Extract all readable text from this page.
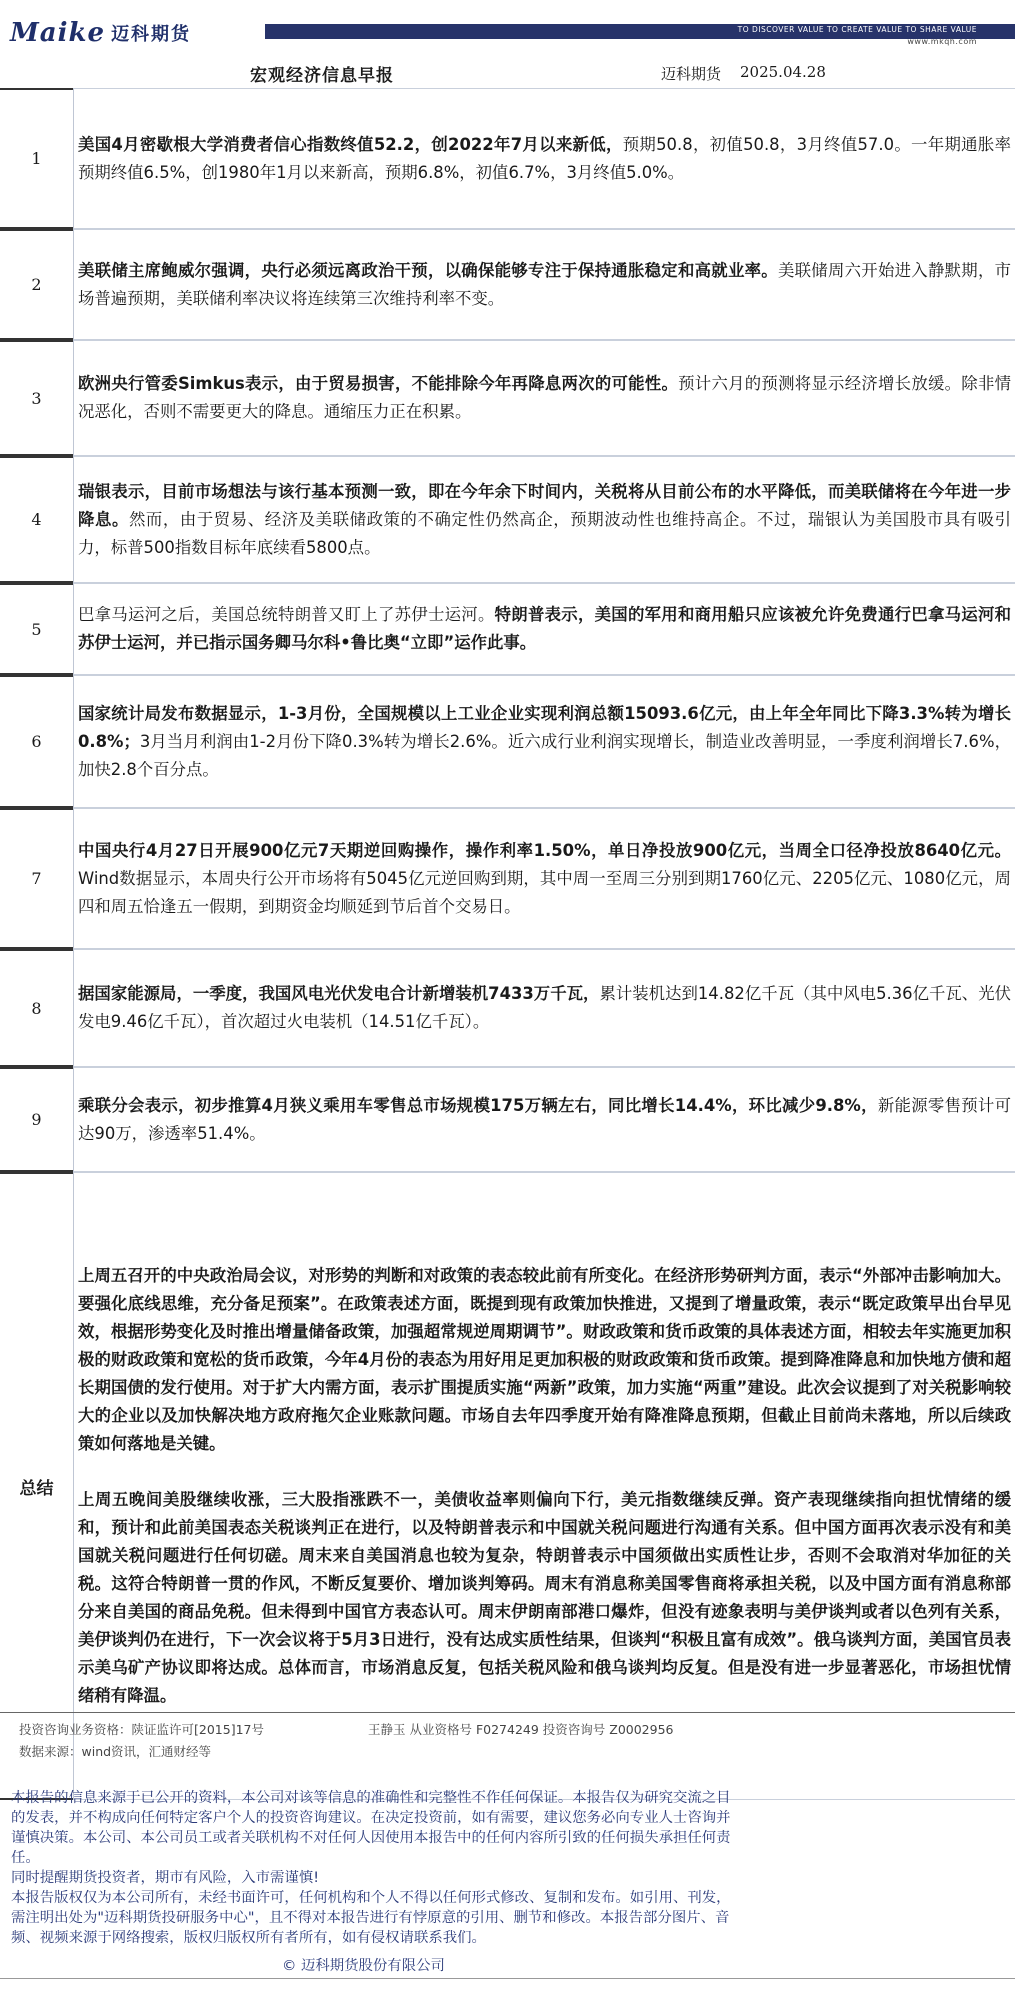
Maike 迈科期货	TO DISCOVER VALUE TO CREATE VALUE TO SHARE VALUE
www.mkqh.com
宏观经济信息早报	迈科期货 2025.04.28
1

美国4月密歇根大学消费者信心指数终值52.2，创2022年7月以来新低，预期50.8，初值50.8，3月终值57.0。一年期通胀率预期终值6.5%，创1980年1月以来新高，预期6.8%，初值6.7%，3月终值5.0%。

2

美联储主席鲍威尔强调，央行必须远离政治干预，以确保能够专注于保持通胀稳定和高就业率。美联储周六开始进入静默期，市场普遍预期，美联储利率决议将连续第三次维持利率不变。

3

欧洲央行管委Simkus表示，由于贸易损害，不能排除今年再降息两次的可能性。预计六月的预测将显示经济增长放缓。除非情况恶化，否则不需要更大的降息。通缩压力正在积累。

4

瑞银表示，目前市场想法与该行基本预测一致，即在今年余下时间内，关税将从目前公布的水平降低，而美联储将在今年进一步降息。然而，由于贸易、经济及美联储政策的不确定性仍然高企，预期波动性也维持高企。不过，瑞银认为美国股市具有吸引力，标普500指数目标年底续看5800点。

5

巴拿马运河之后，美国总统特朗普又盯上了苏伊士运河。特朗普表示，美国的军用和商用船只应该被允许免费通行巴拿马运河和苏伊士运河，并已指示国务卿马尔科•鲁比奥“立即”运作此事。

6

国家统计局发布数据显示，1-3月份，全国规模以上工业企业实现利润总额15093.6亿元，由上年全年同比下降3.3%转为增长0.8%；3月当月利润由1-2月份下降0.3%转为增长2.6%。近六成行业利润实现增长，制造业改善明显，一季度利润增长7.6%，加快2.8个百分点。

7

中国央行4月27日开展900亿元7天期逆回购操作，操作利率1.50%，单日净投放900亿元，当周全口径净投放8640亿元。Wind数据显示，本周央行公开市场将有5045亿元逆回购到期，其中周一至周三分别到期1760亿元、2205亿元、1080亿元，周四和周五恰逢五一假期，到期资金均顺延到节后首个交易日。

8

据国家能源局，一季度，我国风电光伏发电合计新增装机7433万千瓦，累计装机达到14.82亿千瓦（其中风电5.36亿千瓦、光伏发电9.46亿千瓦），首次超过火电装机（14.51亿千瓦）。

9

乘联分会表示，初步推算4月狭义乘用车零售总市场规模175万辆左右，同比增长14.4%，环比减少9.8%，新能源零售预计可达90万，渗透率51.4%。

总结

上周五召开的中央政治局会议，对形势的判断和对政策的表态较此前有所变化。在经济形势研判方面，表示“外部冲击影响加大。要强化底线思维，充分备足预案”。在政策表述方面，既提到现有政策加快推进，又提到了增量政策，表示“既定政策早出台早见效，根据形势变化及时推出增量储备政策，加强超常规逆周期调节”。财政政策和货币政策的具体表述方面，相较去年实施更加积极的财政政策和宽松的货币政策，今年4月份的表态为用好用足更加积极的财政政策和货币政策。提到降准降息和加快地方债和超长期国债的发行使用。对于扩大内需方面，表示扩围提质实施“两新”政策，加力实施“两重”建设。此次会议提到了对关税影响较大的企业以及加快解决地方政府拖欠企业账款问题。市场自去年四季度开始有降准降息预期，但截止目前尚未落地，所以后续政策如何落地是关键。

上周五晚间美股继续收涨，三大股指涨跌不一，美债收益率则偏向下行，美元指数继续反弹。资产表现继续指向担忧情绪的缓和，预计和此前美国表态关税谈判正在进行，以及特朗普表示和中国就关税问题进行沟通有关系。但中国方面再次表示没有和美国就关税问题进行任何切磋。周末来自美国消息也较为复杂，特朗普表示中国须做出实质性让步，否则不会取消对华加征的关税。这符合特朗普一贯的作风，不断反复要价、增加谈判筹码。周末有消息称美国零售商将承担关税，以及中国方面有消息称部分来自美国的商品免税。但未得到中国官方表态认可。周末伊朗南部港口爆炸，但没有迹象表明与美伊谈判或者以色列有关系，美伊谈判仍在进行，下一次会议将于5月3日进行，没有达成实质性结果，但谈判“积极且富有成效”。俄乌谈判方面，美国官员表示美乌矿产协议即将达成。总体而言，市场消息反复，包括关税风险和俄乌谈判均反复。但是没有进一步显著恶化，市场担忧情绪稍有降温。

投资咨询业务资格：陕证监许可[2015]17号	王静玉 从业资格号 F0274249 投资咨询号 Z0002956
数据来源：wind资讯，汇通财经等

本报告的信息来源于已公开的资料，本公司对该等信息的准确性和完整性不作任何保证。本报告仅为研究交流之目的发表，并不构成向任何特定客户个人的投资咨询建议。在决定投资前，如有需要，建议您务必向专业人士咨询并谨慎决策。本公司、本公司员工或者关联机构不对任何人因使用本报告中的任何内容所引致的任何损失承担任何责任。

同时提醒期货投资者，期市有风险，入市需谨慎!

本报告版权仅为本公司所有，未经书面许可，任何机构和个人不得以任何形式修改、复制和发布。如引用、刊发，需注明出处为"迈科期货投研服务中心"，且不得对本报告进行有悖原意的引用、删节和修改。本报告部分图片、音频、视频来源于网络搜索，版权归版权所有者所有，如有侵权请联系我们。

© 迈科期货股份有限公司
